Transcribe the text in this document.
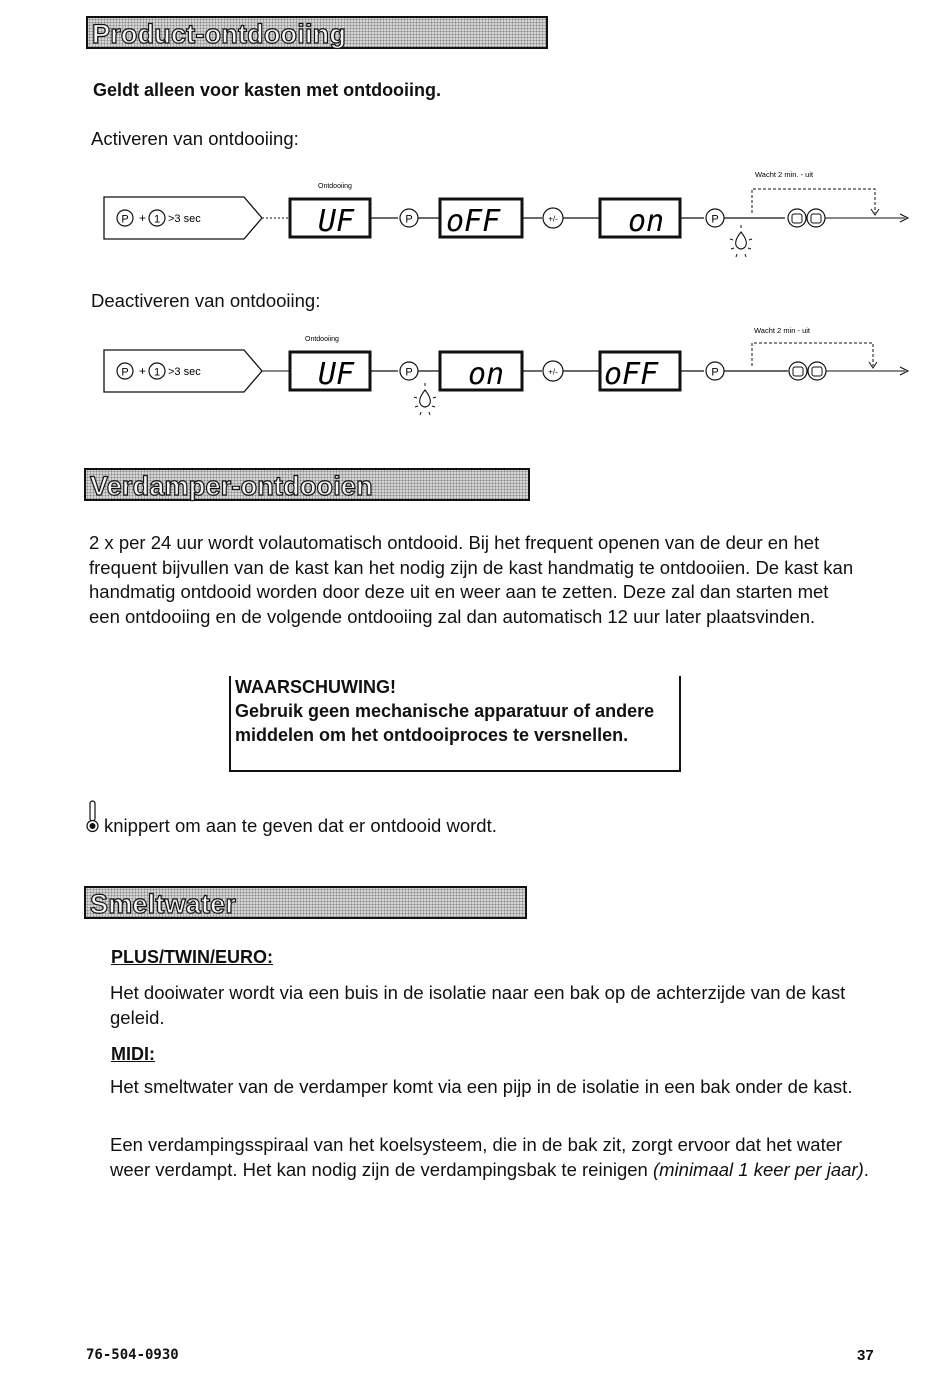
Product-ontdooiing
Geldt alleen voor kasten met ontdooiing.
Activeren van ontdooiing:
P + 1 >3 sec
Ontdooiing
UF	P oFF	+/- on	P
Wacht 2 min. - uit
Deactiveren van ontdooiing:
P + 1 >3 sec
Ontdooiing
UF	P on	+/- oFF	P
Wacht 2 min - uit
Verdamper-ontdooien
2 x per 24 uur wordt volautomatisch ontdooid. Bij het frequent openen van de deur en het frequent bijvullen van de kast kan het nodig zijn de kast handmatig te ontdooiien. De kast kan handmatig ontdooid worden door deze uit en weer aan te zetten. Deze zal dan starten met een ontdooiing en de volgende ontdooiing zal dan automatisch 12 uur later plaatsvinden.
WAARSCHUWING!
Gebruik geen mechanische apparatuur of andere middelen om het ontdooiproces te versnellen.
knippert om aan te geven dat er ontdooid wordt.
Smeltwater
PLUS/TWIN/EURO:
Het dooiwater wordt via een buis in de isolatie naar een bak op de achterzijde van de kast geleid.
MIDI:
Het smeltwater van de verdamper komt via een pijp in de isolatie in een bak onder de kast.
Een verdampingsspiraal van het koelsysteem, die in de bak zit, zorgt ervoor dat het water weer verdampt. Het kan nodig zijn de verdampingsbak te reinigen (minimaal 1 keer per jaar).
76-504-0930	37
